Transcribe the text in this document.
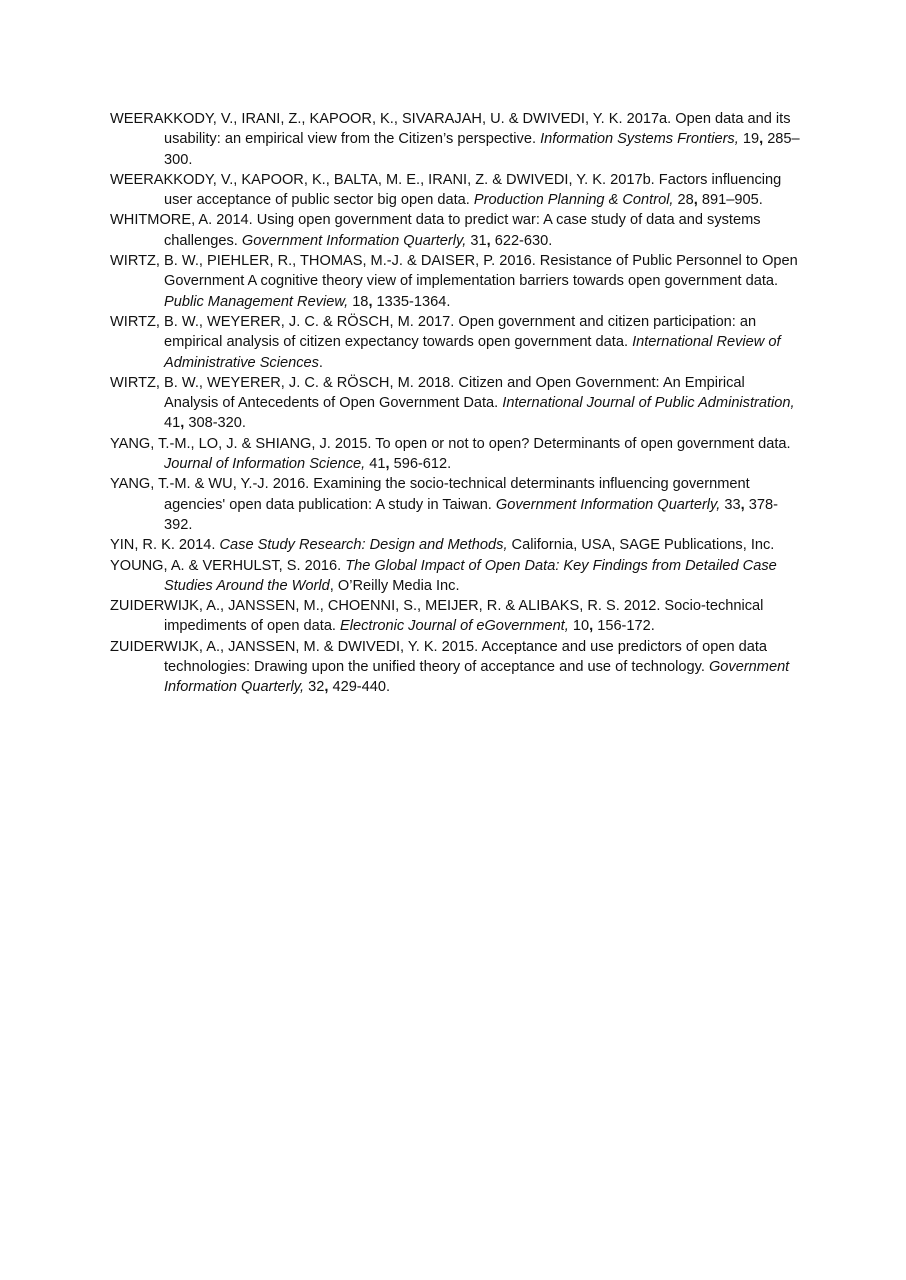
WEERAKKODY, V., IRANI, Z., KAPOOR, K., SIVARAJAH, U. & DWIVEDI, Y. K. 2017a. Open data and its usability: an empirical view from the Citizen’s perspective. Information Systems Frontiers, 19, 285–300.

WEERAKKODY, V., KAPOOR, K., BALTA, M. E., IRANI, Z. & DWIVEDI, Y. K. 2017b. Factors influencing user acceptance of public sector big open data. Production Planning & Control, 28, 891–905.

WHITMORE, A. 2014. Using open government data to predict war: A case study of data and systems challenges. Government Information Quarterly, 31, 622-630.

WIRTZ, B. W., PIEHLER, R., THOMAS, M.-J. & DAISER, P. 2016. Resistance of Public Personnel to Open Government A cognitive theory view of implementation barriers towards open government data. Public Management Review, 18, 1335-1364.

WIRTZ, B. W., WEYERER, J. C. & RÖSCH, M. 2017. Open government and citizen participation: an empirical analysis of citizen expectancy towards open government data. International Review of Administrative Sciences.

WIRTZ, B. W., WEYERER, J. C. & RÖSCH, M. 2018. Citizen and Open Government: An Empirical Analysis of Antecedents of Open Government Data. International Journal of Public Administration, 41, 308-320.

YANG, T.-M., LO, J. & SHIANG, J. 2015. To open or not to open? Determinants of open government data. Journal of Information Science, 41, 596-612.

YANG, T.-M. & WU, Y.-J. 2016. Examining the socio-technical determinants influencing government agencies' open data publication: A study in Taiwan. Government Information Quarterly, 33, 378-392.

YIN, R. K. 2014. Case Study Research: Design and Methods, California, USA, SAGE Publications, Inc.

YOUNG, A. & VERHULST, S. 2016. The Global Impact of Open Data: Key Findings from Detailed Case Studies Around the World, O’Reilly Media Inc.

ZUIDERWIJK, A., JANSSEN, M., CHOENNI, S., MEIJER, R. & ALIBAKS, R. S. 2012. Socio-technical impediments of open data. Electronic Journal of eGovernment, 10, 156-172.

ZUIDERWIJK, A., JANSSEN, M. & DWIVEDI, Y. K. 2015. Acceptance and use predictors of open data technologies: Drawing upon the unified theory of acceptance and use of technology. Government Information Quarterly, 32, 429-440.
